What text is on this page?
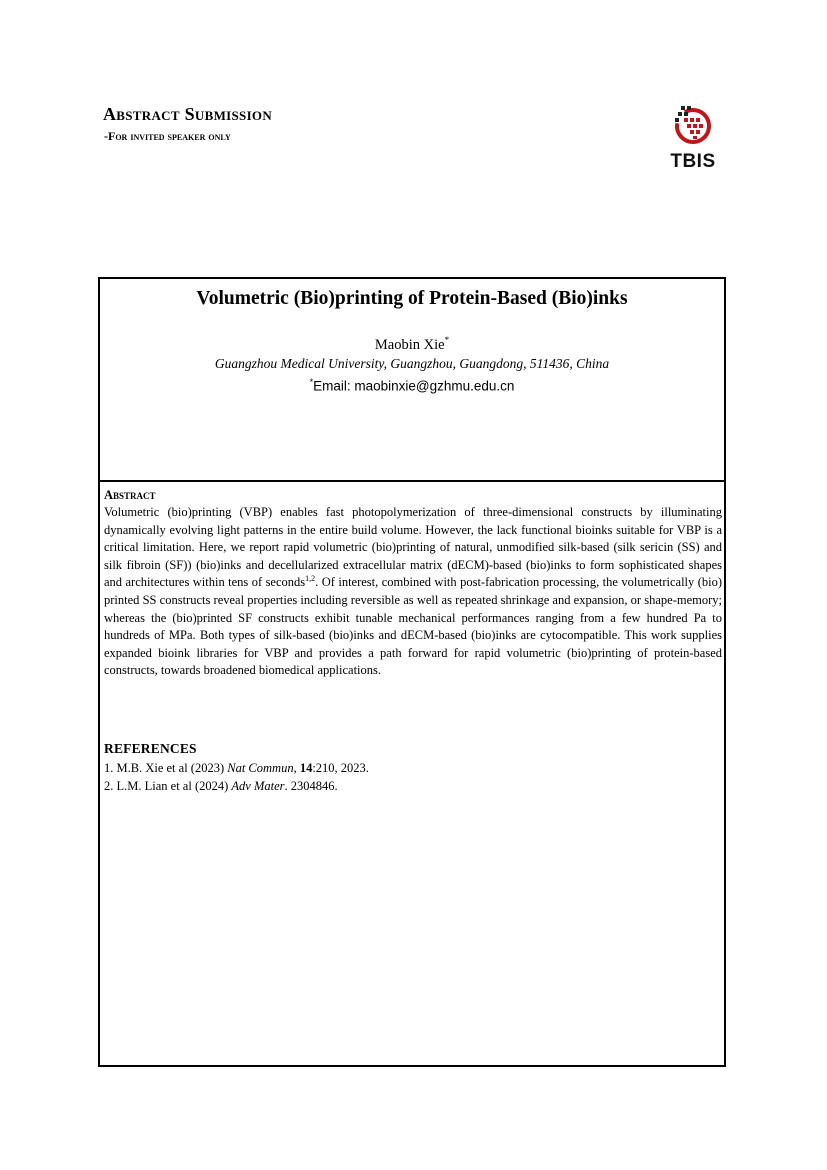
Abstract Submission
-For invited speaker only
TBIS
Volumetric (Bio)printing of Protein-Based (Bio)inks
Maobin Xie*
Guangzhou Medical University, Guangzhou, Guangdong, 511436, China
*Email: maobinxie@gzhmu.edu.cn
Abstract
Volumetric (bio)printing (VBP) enables fast photopolymerization of three-dimensional constructs by illuminating dynamically evolving light patterns in the entire build volume. However, the lack functional bioinks suitable for VBP is a critical limitation. Here, we report rapid volumetric (bio)printing of natural, unmodified silk-based (silk sericin (SS) and silk fibroin (SF)) (bio)inks and decellularized extracellular matrix (dECM)-based (bio)inks to form sophisticated shapes and architectures within tens of seconds$^{1,2}$. Of interest, combined with post-fabrication processing, the volumetrically (bio) printed SS constructs reveal properties including reversible as well as repeated shrinkage and expansion, or shape-memory; whereas the (bio)printed SF constructs exhibit tunable mechanical performances ranging from a few hundred Pa to hundreds of MPa. Both types of silk-based (bio)inks and dECM-based (bio)inks are cytocompatible. This work supplies expanded bioink libraries for VBP and provides a path forward for rapid volumetric (bio)printing of protein-based constructs, towards broadened biomedical applications.
REFERENCES
1. M.B. Xie et al (2023) Nat Commun, 14:210, 2023.
2. L.M. Lian et al (2024) Adv Mater. 2304846.
